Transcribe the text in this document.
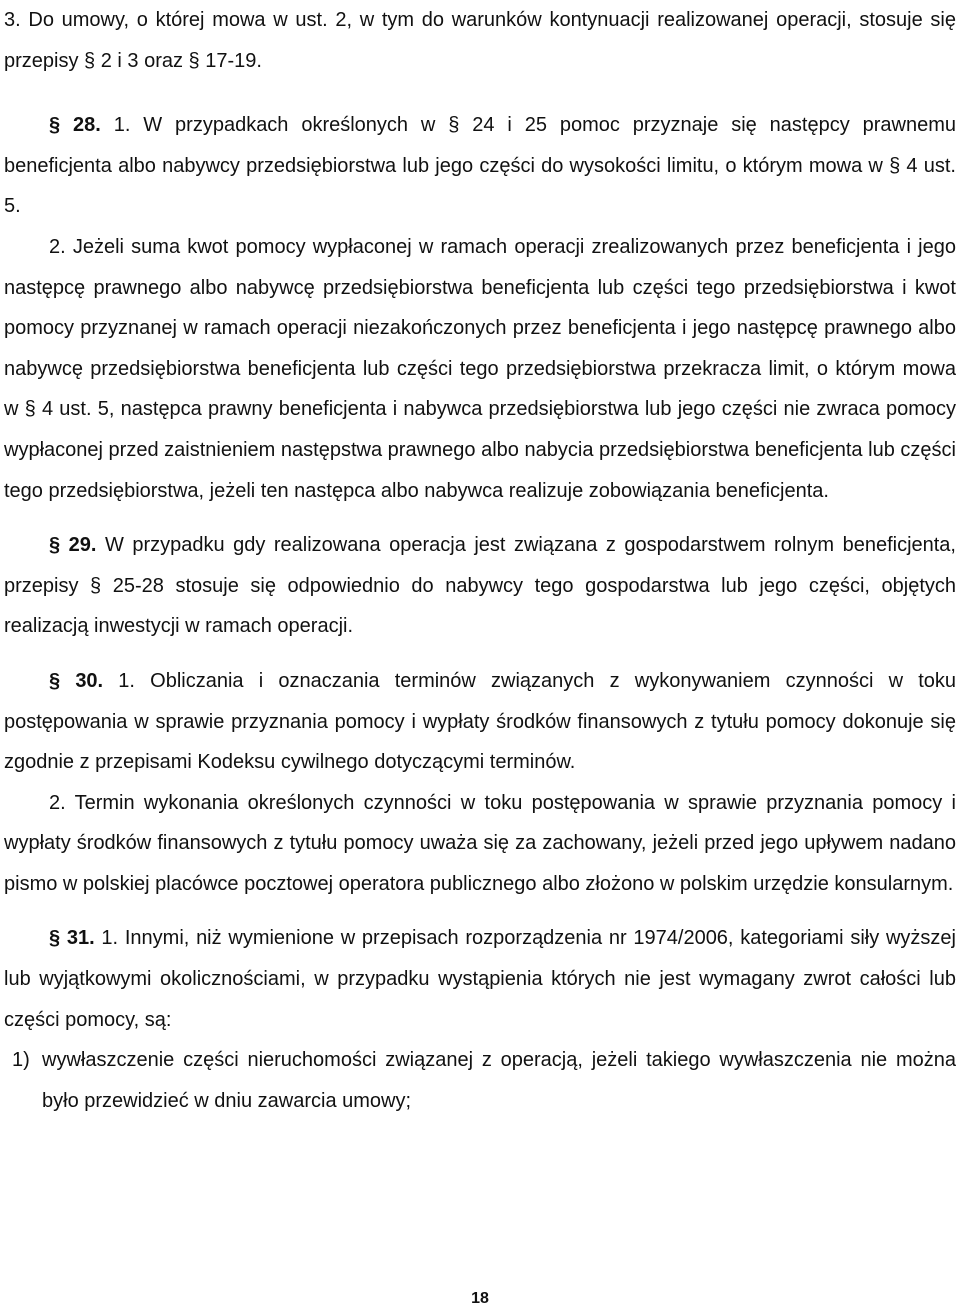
3. Do umowy, o której mowa w ust. 2, w tym do warunków kontynuacji realizowanej operacji, stosuje się przepisy § 2 i 3 oraz § 17-19.

§ 28. 1. W przypadkach określonych w § 24 i 25 pomoc przyznaje się następcy prawnemu beneficjenta albo nabywcy przedsiębiorstwa lub jego części do wysokości limitu, o którym mowa w § 4 ust. 5.

2. Jeżeli suma kwot pomocy wypłaconej w ramach operacji zrealizowanych przez beneficjenta i jego następcę prawnego albo nabywcę przedsiębiorstwa beneficjenta lub części tego przedsiębiorstwa i kwot pomocy przyznanej w ramach operacji niezakończonych przez beneficjenta i jego następcę prawnego albo nabywcę przedsiębiorstwa beneficjenta lub części tego przedsiębiorstwa przekracza limit, o którym mowa w § 4 ust. 5, następca prawny beneficjenta i nabywca przedsiębiorstwa lub jego części nie zwraca pomocy wypłaconej przed zaistnieniem następstwa prawnego albo nabycia przedsiębiorstwa beneficjenta lub części tego przedsiębiorstwa, jeżeli ten następca albo nabywca realizuje zobowiązania beneficjenta.

§ 29. W przypadku gdy realizowana operacja jest związana z gospodarstwem rolnym beneficjenta, przepisy § 25-28 stosuje się odpowiednio do nabywcy tego gospodarstwa lub jego części, objętych realizacją inwestycji w ramach operacji.

§ 30. 1. Obliczania i oznaczania terminów związanych z wykonywaniem czynności w toku postępowania w sprawie przyznania pomocy i wypłaty środków finansowych z tytułu pomocy dokonuje się zgodnie z przepisami Kodeksu cywilnego dotyczącymi terminów.

2. Termin wykonania określonych czynności w toku postępowania w sprawie przyznania pomocy i wypłaty środków finansowych z tytułu pomocy uważa się za zachowany, jeżeli przed jego upływem nadano pismo w polskiej placówce pocztowej operatora publicznego albo złożono w polskim urzędzie konsularnym.

§ 31. 1. Innymi, niż wymienione w przepisach rozporządzenia nr 1974/2006, kategoriami siły wyższej lub wyjątkowymi okolicznościami, w przypadku wystąpienia których nie jest wymagany zwrot całości lub części pomocy, są:

1) wywłaszczenie części nieruchomości związanej z operacją, jeżeli takiego wywłaszczenia nie można było przewidzieć w dniu zawarcia umowy;

18
